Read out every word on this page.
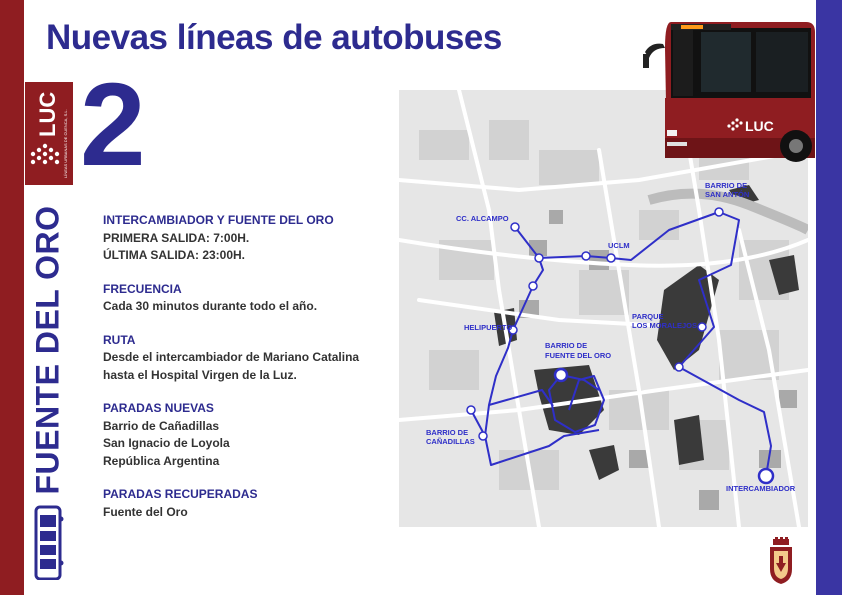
Nuevas líneas de autobuses
LUC LÍNEAS URBANAS DE CUENCA, S.L. 2
FUENTE DEL ORO	INTERCAMBIADOR Y FUENTE DEL ORO
PRIMERA SALIDA: 7:00H.
ÚLTIMA SALIDA: 23:00H.
FRECUENCIA
Cada 30 minutos durante todo el año.
RUTA
Desde el intercambiador de Mariano Catalina
hasta el Hospital Virgen de la Luz.
PARADAS NUEVAS
Barrio de Cañadillas
San Ignacio de Loyola
República Argentina
PARADAS RECUPERADAS
Fuente del Oro
BARRIO DE
SAN ANTÓN
CC. ALCAMPO
UCLM
HELIPUERTO
PARQUE
LOS MORALEJOS
BARRIO DE
FUENTE DEL ORO
BARRIO DE
CAÑADILLAS
INTERCAMBIADOR
LUC
